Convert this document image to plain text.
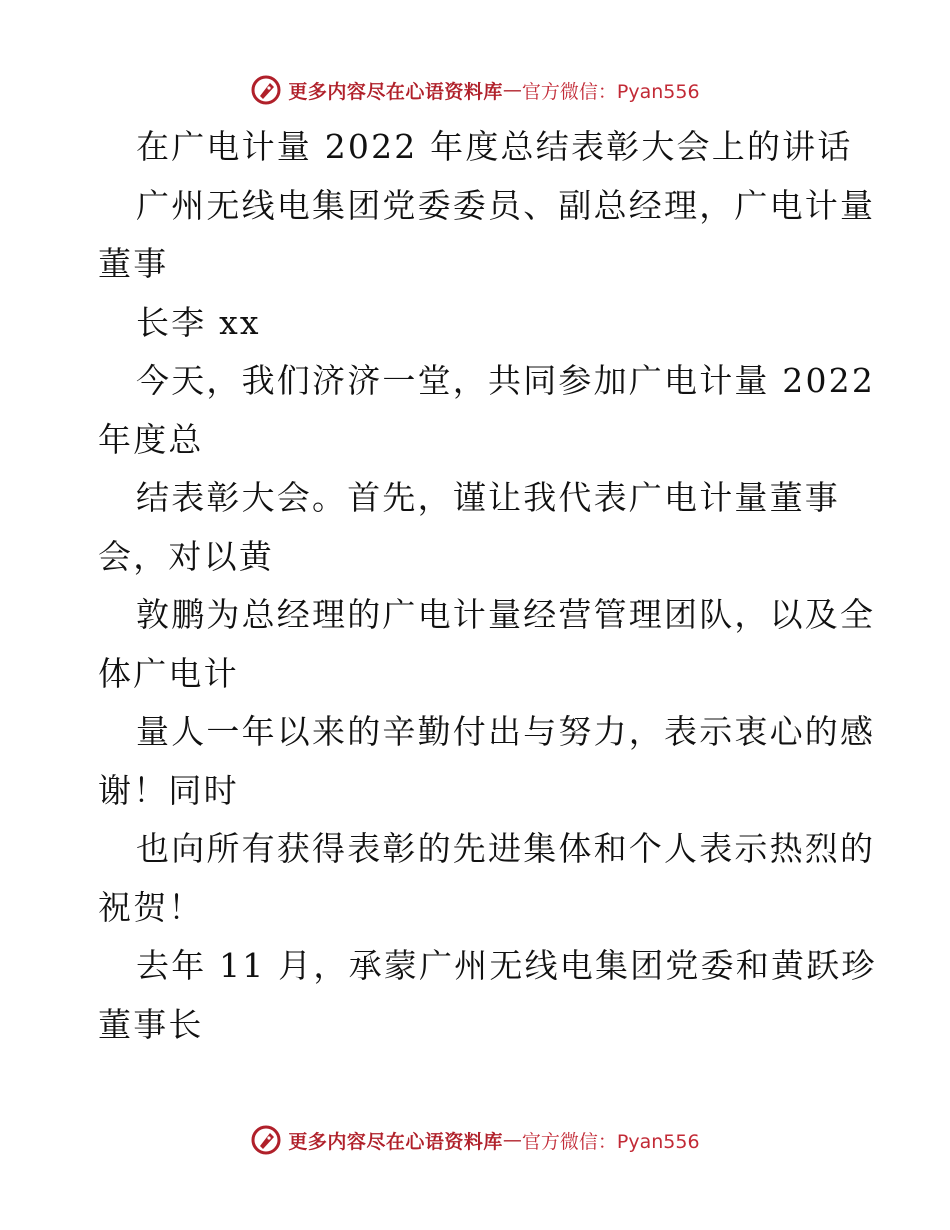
更多内容尽在心语资料库 — 官方微信：Pyan556
在广电计量 2022 年度总结表彰大会上的讲话
广州无线电集团党委委员、副总经理，广电计量
董事
长李 xx
今天，我们济济一堂，共同参加广电计量 2022
年度总
结表彰大会。首先，谨让我代表广电计量董事
会，对以黄
敦鹏为总经理的广电计量经营管理团队，以及全
体广电计
量人一年以来的辛勤付出与努力，表示衷心的感
谢！同时
也向所有获得表彰的先进集体和个人表示热烈的
祝贺！
去年 11 月，承蒙广州无线电集团党委和黄跃珍
董事长
更多内容尽在心语资料库 — 官方微信：Pyan556
